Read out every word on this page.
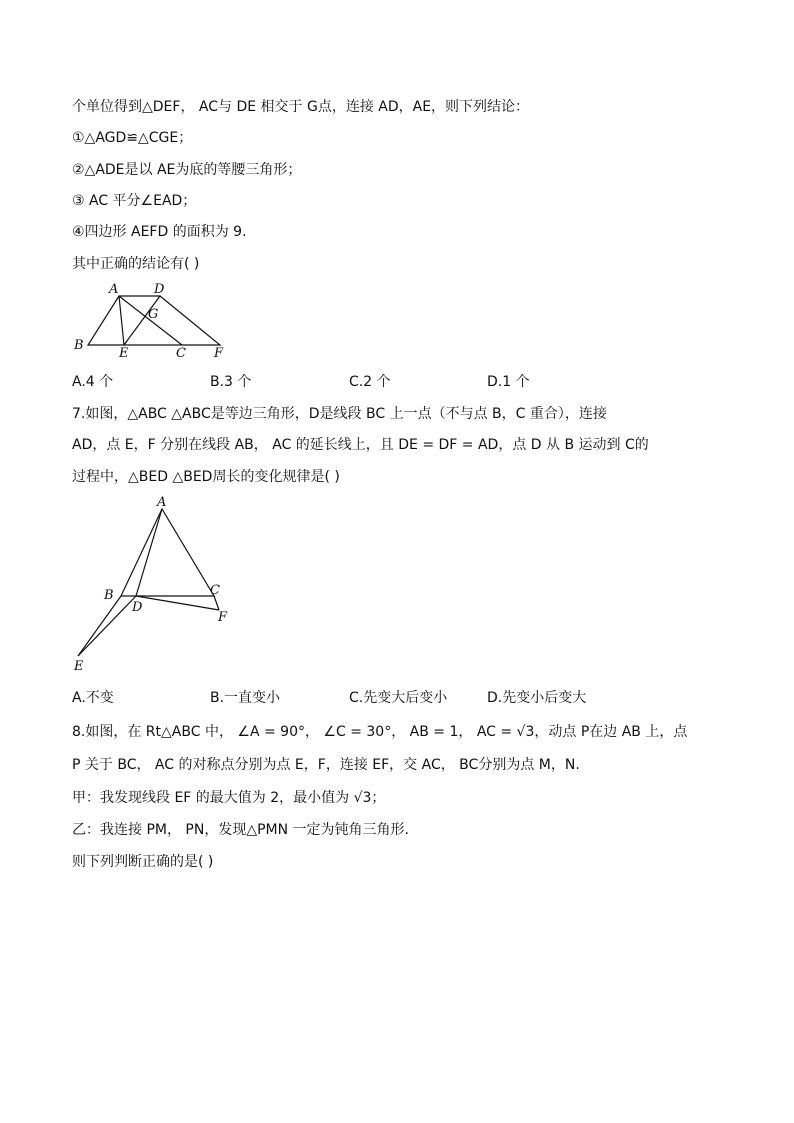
个单位得到△DEF， AC与 DE 相交于 G点，连接 AD，AE，则下列结论：
①△AGD≌△CGE；
②△ADE是以 AE为底的等腰三角形；
③ AC 平分∠EAD；
④四边形 AEFD 的面积为 9.
其中正确的结论有( )
A	D
G
B
E	C F
A.4 个	B.3 个	C.2 个	D.1 个
7.如图，△ABC △ABC是等边三角形，D是线段 BC 上一点（不与点 B，C 重合），连接
AD，点 E，F 分别在线段 AB， AC 的延长线上，且 DE = DF = AD，点 D 从 B 运动到 C的
过程中，△BED △BED周长的变化规律是( )
A
B	C
D
F
E
A.不变	B.一直变小	C.先变大后变小	D.先变小后变大
8.如图，在 Rt△ABC 中， ∠A = 90°， ∠C = 30°， AB = 1， AC = √3，动点 P在边 AB 上，点
P 关于 BC， AC 的对称点分别为点 E，F，连接 EF，交 AC， BC分别为点 M，N.
甲：我发现线段 EF 的最大值为 2，最小值为 √3；
乙：我连接 PM， PN，发现△PMN 一定为钝角三角形.
则下列判断正确的是( )
